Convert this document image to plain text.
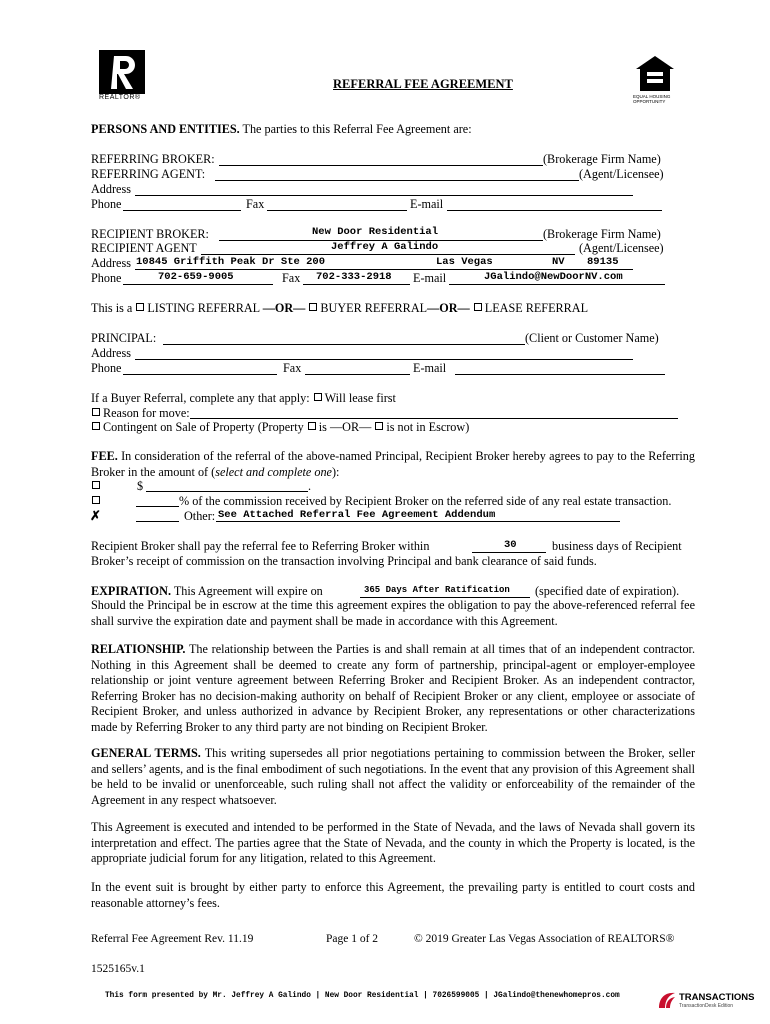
REALTOR®
REFERRAL FEE AGREEMENT
EQUAL HOUSING
OPPORTUNITY
PERSONS AND ENTITIES. The parties to this Referral Fee Agreement are:
REFERRING BROKER:	(Brokerage Firm Name)
REFERRING AGENT:	(Agent/Licensee)
Address
Phone	Fax	E-mail
RECIPIENT BROKER:	New Door Residential	(Brokerage Firm Name)
RECIPIENT AGENT	Jeffrey A Galindo	(Agent/Licensee)
Address 10845 Griffith Peak Dr Ste 200	Las Vegas	NV 89135
Phone	702-659-9005	Fax 702-333-2918 E-mail	JGalindo@NewDoorNV.com
This is a LISTING REFERRAL —OR— BUYER REFERRAL—OR— LEASE REFERRAL
PRINCIPAL:	(Client or Customer Name)
Address
Phone	Fax	E-mail
If a Buyer Referral, complete any that apply: Will lease first
Reason for move:
Contingent on Sale of Property (Property is —OR— is not in Escrow)
FEE. In consideration of the referral of the above-named Principal, Recipient Broker hereby agrees to pay to the Referring Broker in the amount of (select and complete one):
$	.
% of the commission received by Recipient Broker on the referred side of any real estate transaction.
✗	Other: See Attached Referral Fee Agreement Addendum
Recipient Broker shall pay the referral fee to Referring Broker within	30	business days of Recipient
Broker’s receipt of commission on the transaction involving Principal and bank clearance of said funds.
EXPIRATION. This Agreement will expire on	365 Days After Ratification (specified date of expiration).
Should the Principal be in escrow at the time this agreement expires the obligation to pay the above-referenced referral fee shall survive the expiration date and payment shall be made in accordance with this Agreement.
RELATIONSHIP. The relationship between the Parties is and shall remain at all times that of an independent contractor. Nothing in this Agreement shall be deemed to create any form of partnership, principal-agent or employer-employee relationship or joint venture agreement between Referring Broker and Recipient Broker. As an independent contractor, Referring Broker has no decision-making authority on behalf of Recipient Broker or any client, employee or associate of Recipient Broker, and unless authorized in advance by Recipient Broker, any representations or other characterizations made by Referring Broker to any third party are not binding on Recipient Broker.
GENERAL TERMS. This writing supersedes all prior negotiations pertaining to commission between the Broker, seller and sellers’ agents, and is the final embodiment of such negotiations. In the event that any provision of this Agreement shall be held to be invalid or unenforceable, such ruling shall not affect the validity or enforceability of the remainder of the Agreement in any respect whatsoever.
This Agreement is executed and intended to be performed in the State of Nevada, and the laws of Nevada shall govern its interpretation and effect. The parties agree that the State of Nevada, and the county in which the Property is located, is the appropriate judicial forum for any litigation, related to this Agreement.
In the event suit is brought by either party to enforce this Agreement, the prevailing party is entitled to court costs and reasonable attorney’s fees.
Referral Fee Agreement Rev. 11.19	Page 1 of 2	© 2019 Greater Las Vegas Association of REALTORS®
1525165v.1
This form presented by Mr. Jeffrey A Galindo | New Door Residential | 7026599005 | JGalindo@thenewhomepros.com	TRANSACTIONS
TransactionDesk Edition
